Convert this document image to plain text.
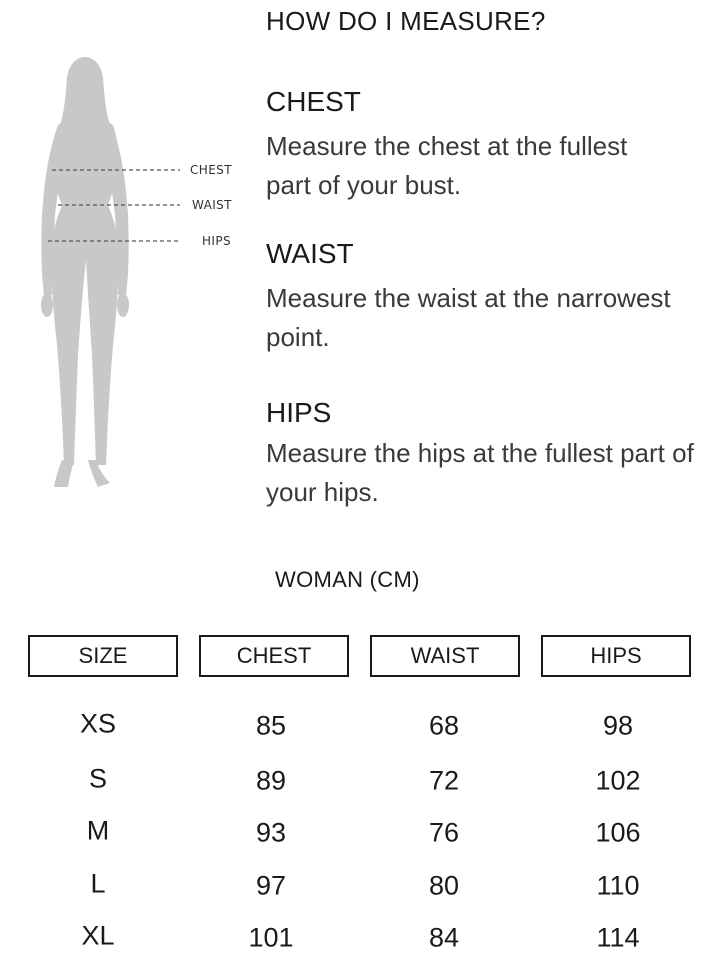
CHEST
WAIST
HIPS
HOW DO I MEASURE?
CHEST
Measure the chest at the fullest
part of your bust.
WAIST
Measure the waist at the narrowest
point.
HIPS
Measure the hips at the fullest part of
your hips.
WOMAN (CM)
SIZE	CHEST	WAIST	HIPS
XS	85	68	98
S	89	72	102
M	93	76	106
L	97	80	110
XL	101	84	114
